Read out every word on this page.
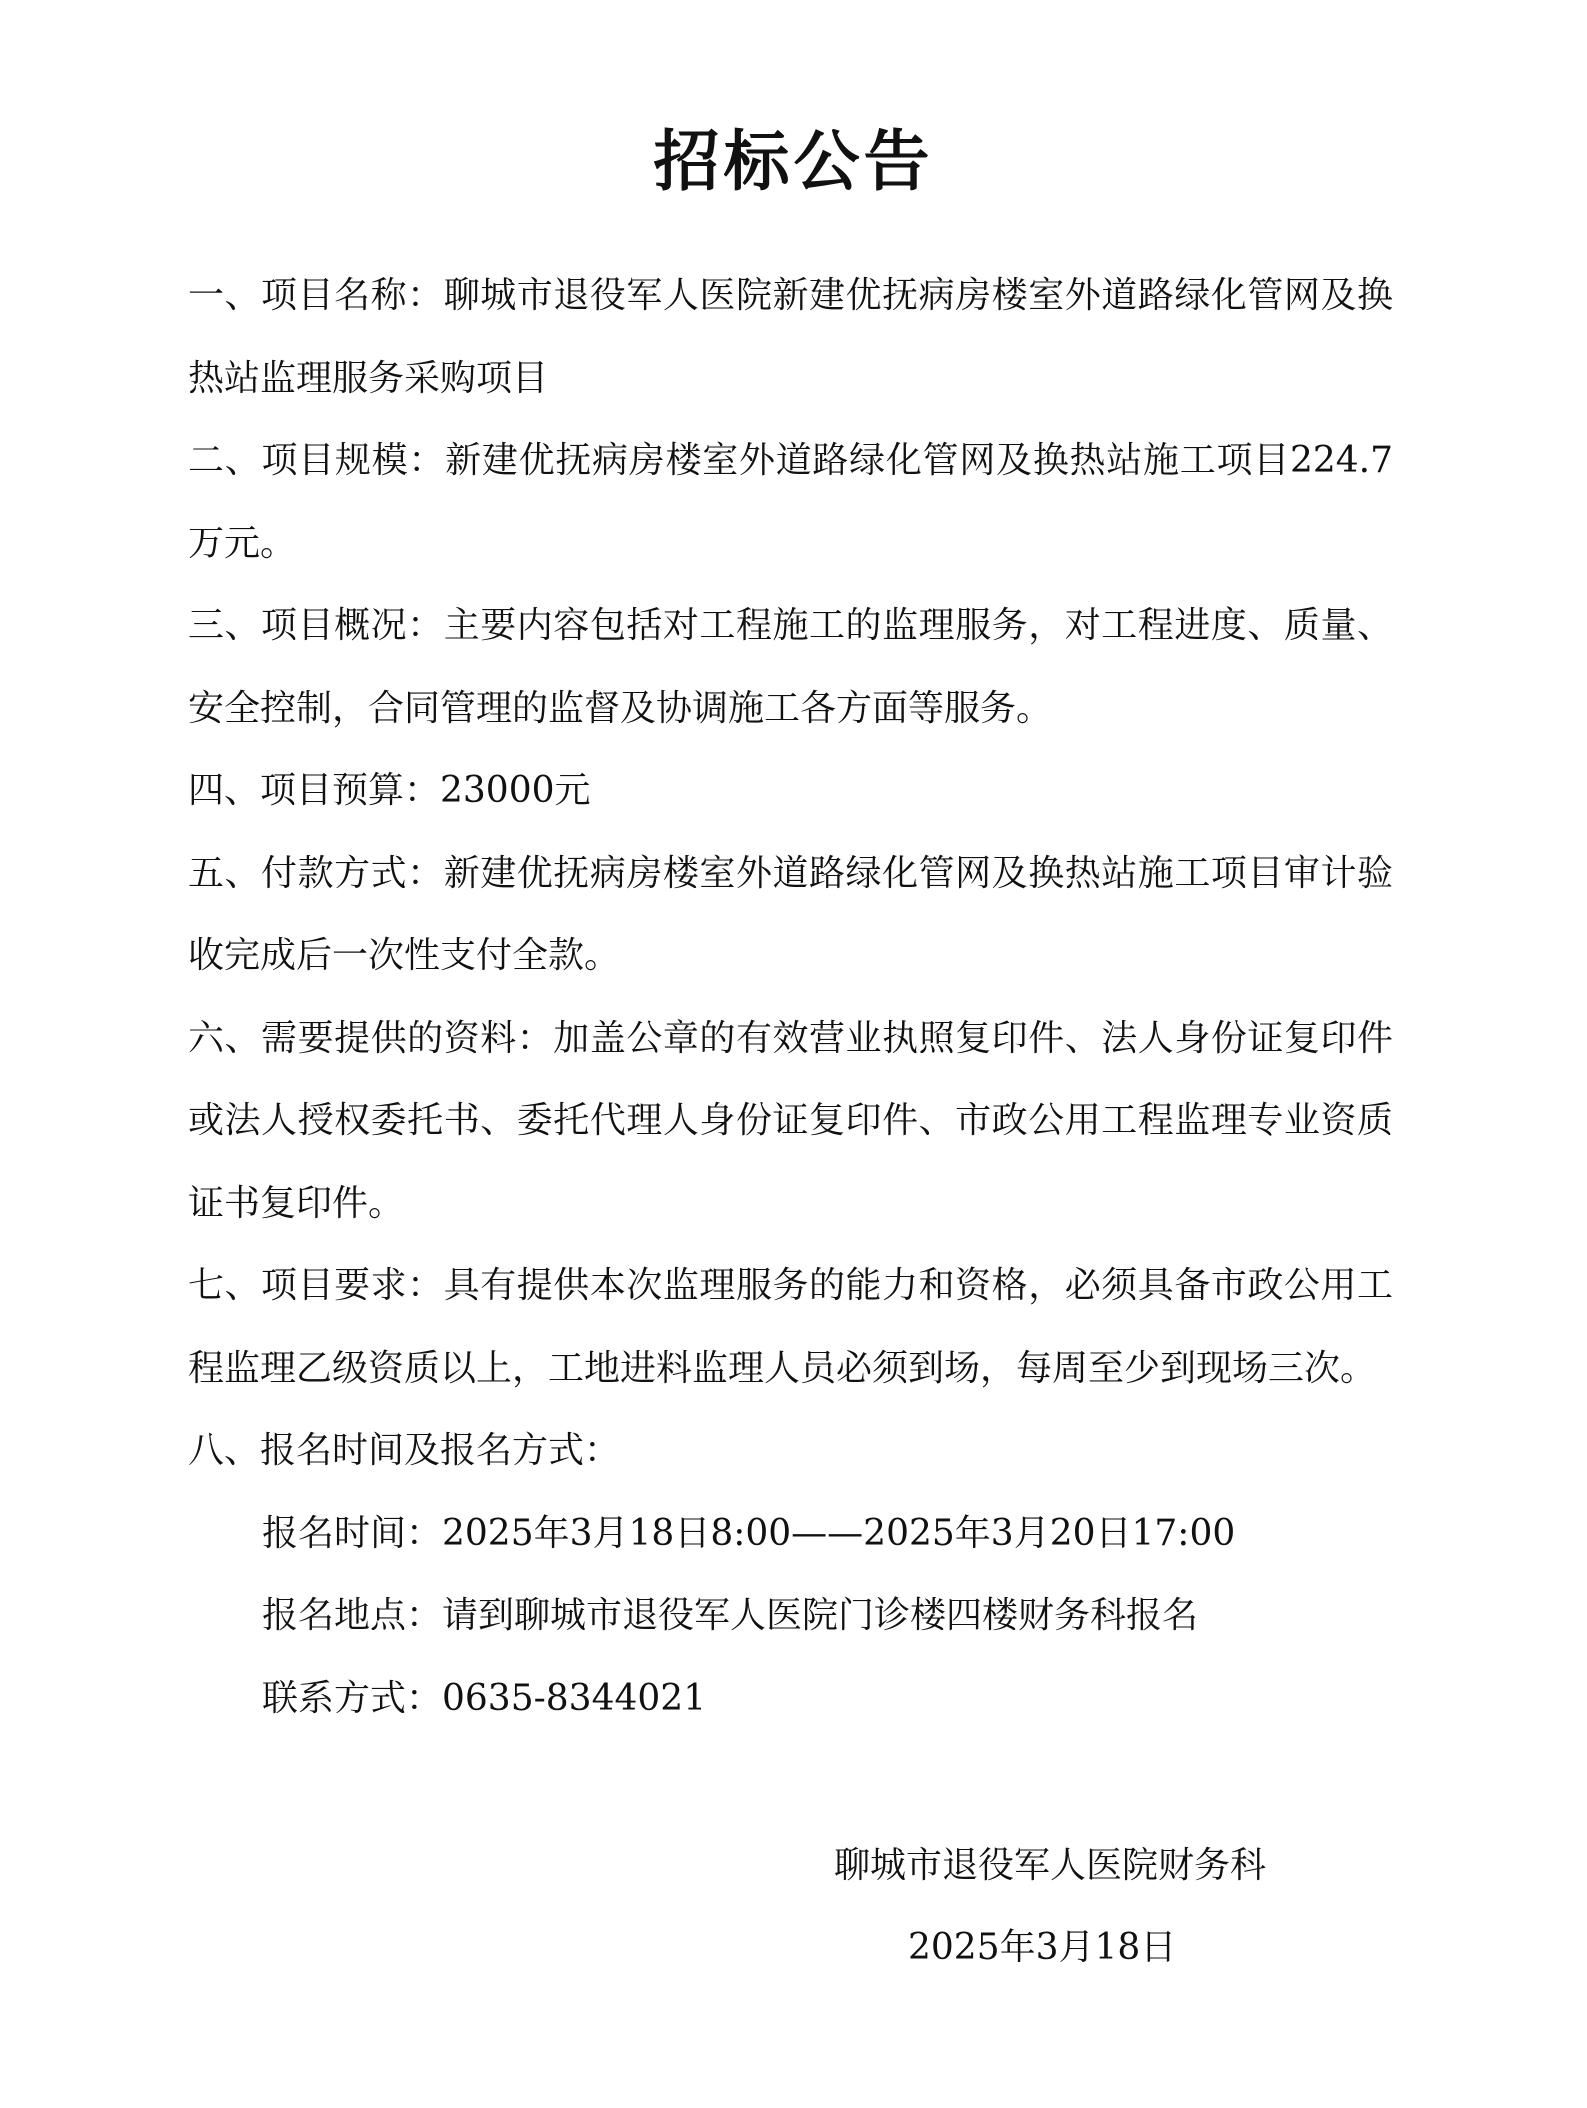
招标公告

一、项目名称：聊城市退役军人医院新建优抚病房楼室外道路绿化管网及换热站监理服务采购项目

二、项目规模：新建优抚病房楼室外道路绿化管网及换热站施工项目224.7万元。

三、项目概况：主要内容包括对工程施工的监理服务，对工程进度、质量、安全控制，合同管理的监督及协调施工各方面等服务。

四、项目预算：23000元

五、付款方式：新建优抚病房楼室外道路绿化管网及换热站施工项目审计验收完成后一次性支付全款。

六、需要提供的资料：加盖公章的有效营业执照复印件、法人身份证复印件或法人授权委托书、委托代理人身份证复印件、市政公用工程监理专业资质证书复印件。

七、项目要求：具有提供本次监理服务的能力和资格，必须具备市政公用工程监理乙级资质以上，工地进料监理人员必须到场，每周至少到现场三次。

八、报名时间及报名方式：

报名时间：2025年3月18日8:00——2025年3月20日17:00

报名地点：请到聊城市退役军人医院门诊楼四楼财务科报名

联系方式：0635-8344021

聊城市退役军人医院财务科
2025年3月18日
